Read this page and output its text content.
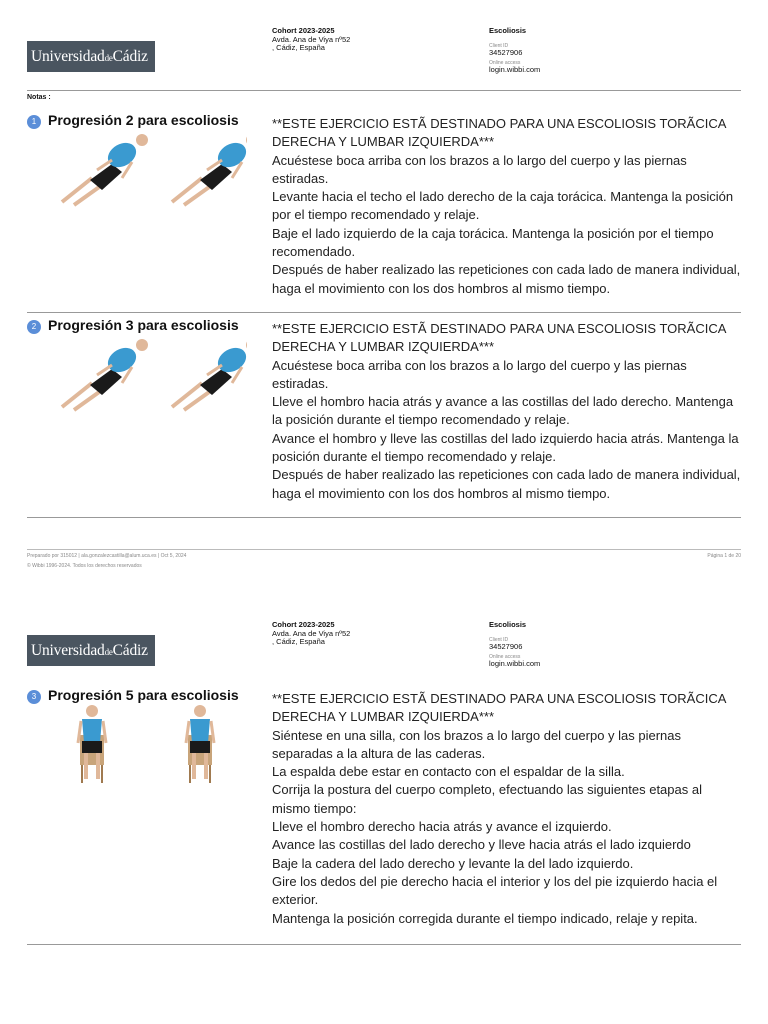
UniversidaddeCádiz
Cohort 2023-2025
Avda. Ana de Viya nº52
, Cádiz, España
Escoliosis
Client ID
34527906
Online access
login.wibbi.com
Notas :
1 Progresión 2 para escoliosis	**ESTE EJERCICIO ESTÃ DESTINADO PARA UNA ESCOLIOSIS TORÃCICA DERECHA Y LUMBAR IZQUIERDA***

Acuéstese boca arriba con los brazos a lo largo del cuerpo y las piernas estiradas.

Levante hacia el techo el lado derecho de la caja torácica. Mantenga la posición por el tiempo recomendado y relaje.

Baje el lado izquierdo de la caja torácica. Mantenga la posición por el tiempo recomendado.

Después de haber realizado las repeticiones con cada lado de manera individual, haga el movimiento con los dos hombros al mismo tiempo.

2 Progresión 3 para escoliosis	**ESTE EJERCICIO ESTÃ DESTINADO PARA UNA ESCOLIOSIS TORÃCICA DERECHA Y LUMBAR IZQUIERDA***

Acuéstese boca arriba con los brazos a lo largo del cuerpo y las piernas estiradas.

Lleve el hombro hacia atrás y avance a las costillas del lado derecho. Mantenga la posición durante el tiempo recomendado y relaje.

Avance el hombro y lleve las costillas del lado izquierdo hacia atrás. Mantenga la posición durante el tiempo recomendado y relaje.

Después de haber realizado las repeticiones con cada lado de manera individual, haga el movimiento con los dos hombros al mismo tiempo.

Preparado por 315012 | ala.gonzalezcastilla@alum.uca.es | Oct 5, 2024
© Wibbi 1996-2024. Todos los derechos reservados
Página 1 de 20
UniversidaddeCádiz
Cohort 2023-2025
Avda. Ana de Viya nº52
, Cádiz, España
Escoliosis
Client ID
34527906
Online access
login.wibbi.com
3 Progresión 5 para escoliosis	**ESTE EJERCICIO ESTÃ DESTINADO PARA UNA ESCOLIOSIS TORÃCICA DERECHA Y LUMBAR IZQUIERDA***

Siéntese en una silla, con los brazos a lo largo del cuerpo y las piernas separadas a la altura de las caderas.

La espalda debe estar en contacto con el espaldar de la silla.

Corrija la postura del cuerpo completo, efectuando las siguientes etapas al mismo tiempo:

Lleve el hombro derecho hacia atrás y avance el izquierdo.

Avance las costillas del lado derecho y lleve hacia atrás el lado izquierdo

Baje la cadera del lado derecho y levante la del lado izquierdo.

Gire los dedos del pie derecho hacia el interior y los del pie izquierdo hacia el exterior.

Mantenga la posición corregida durante el tiempo indicado, relaje y repita.
